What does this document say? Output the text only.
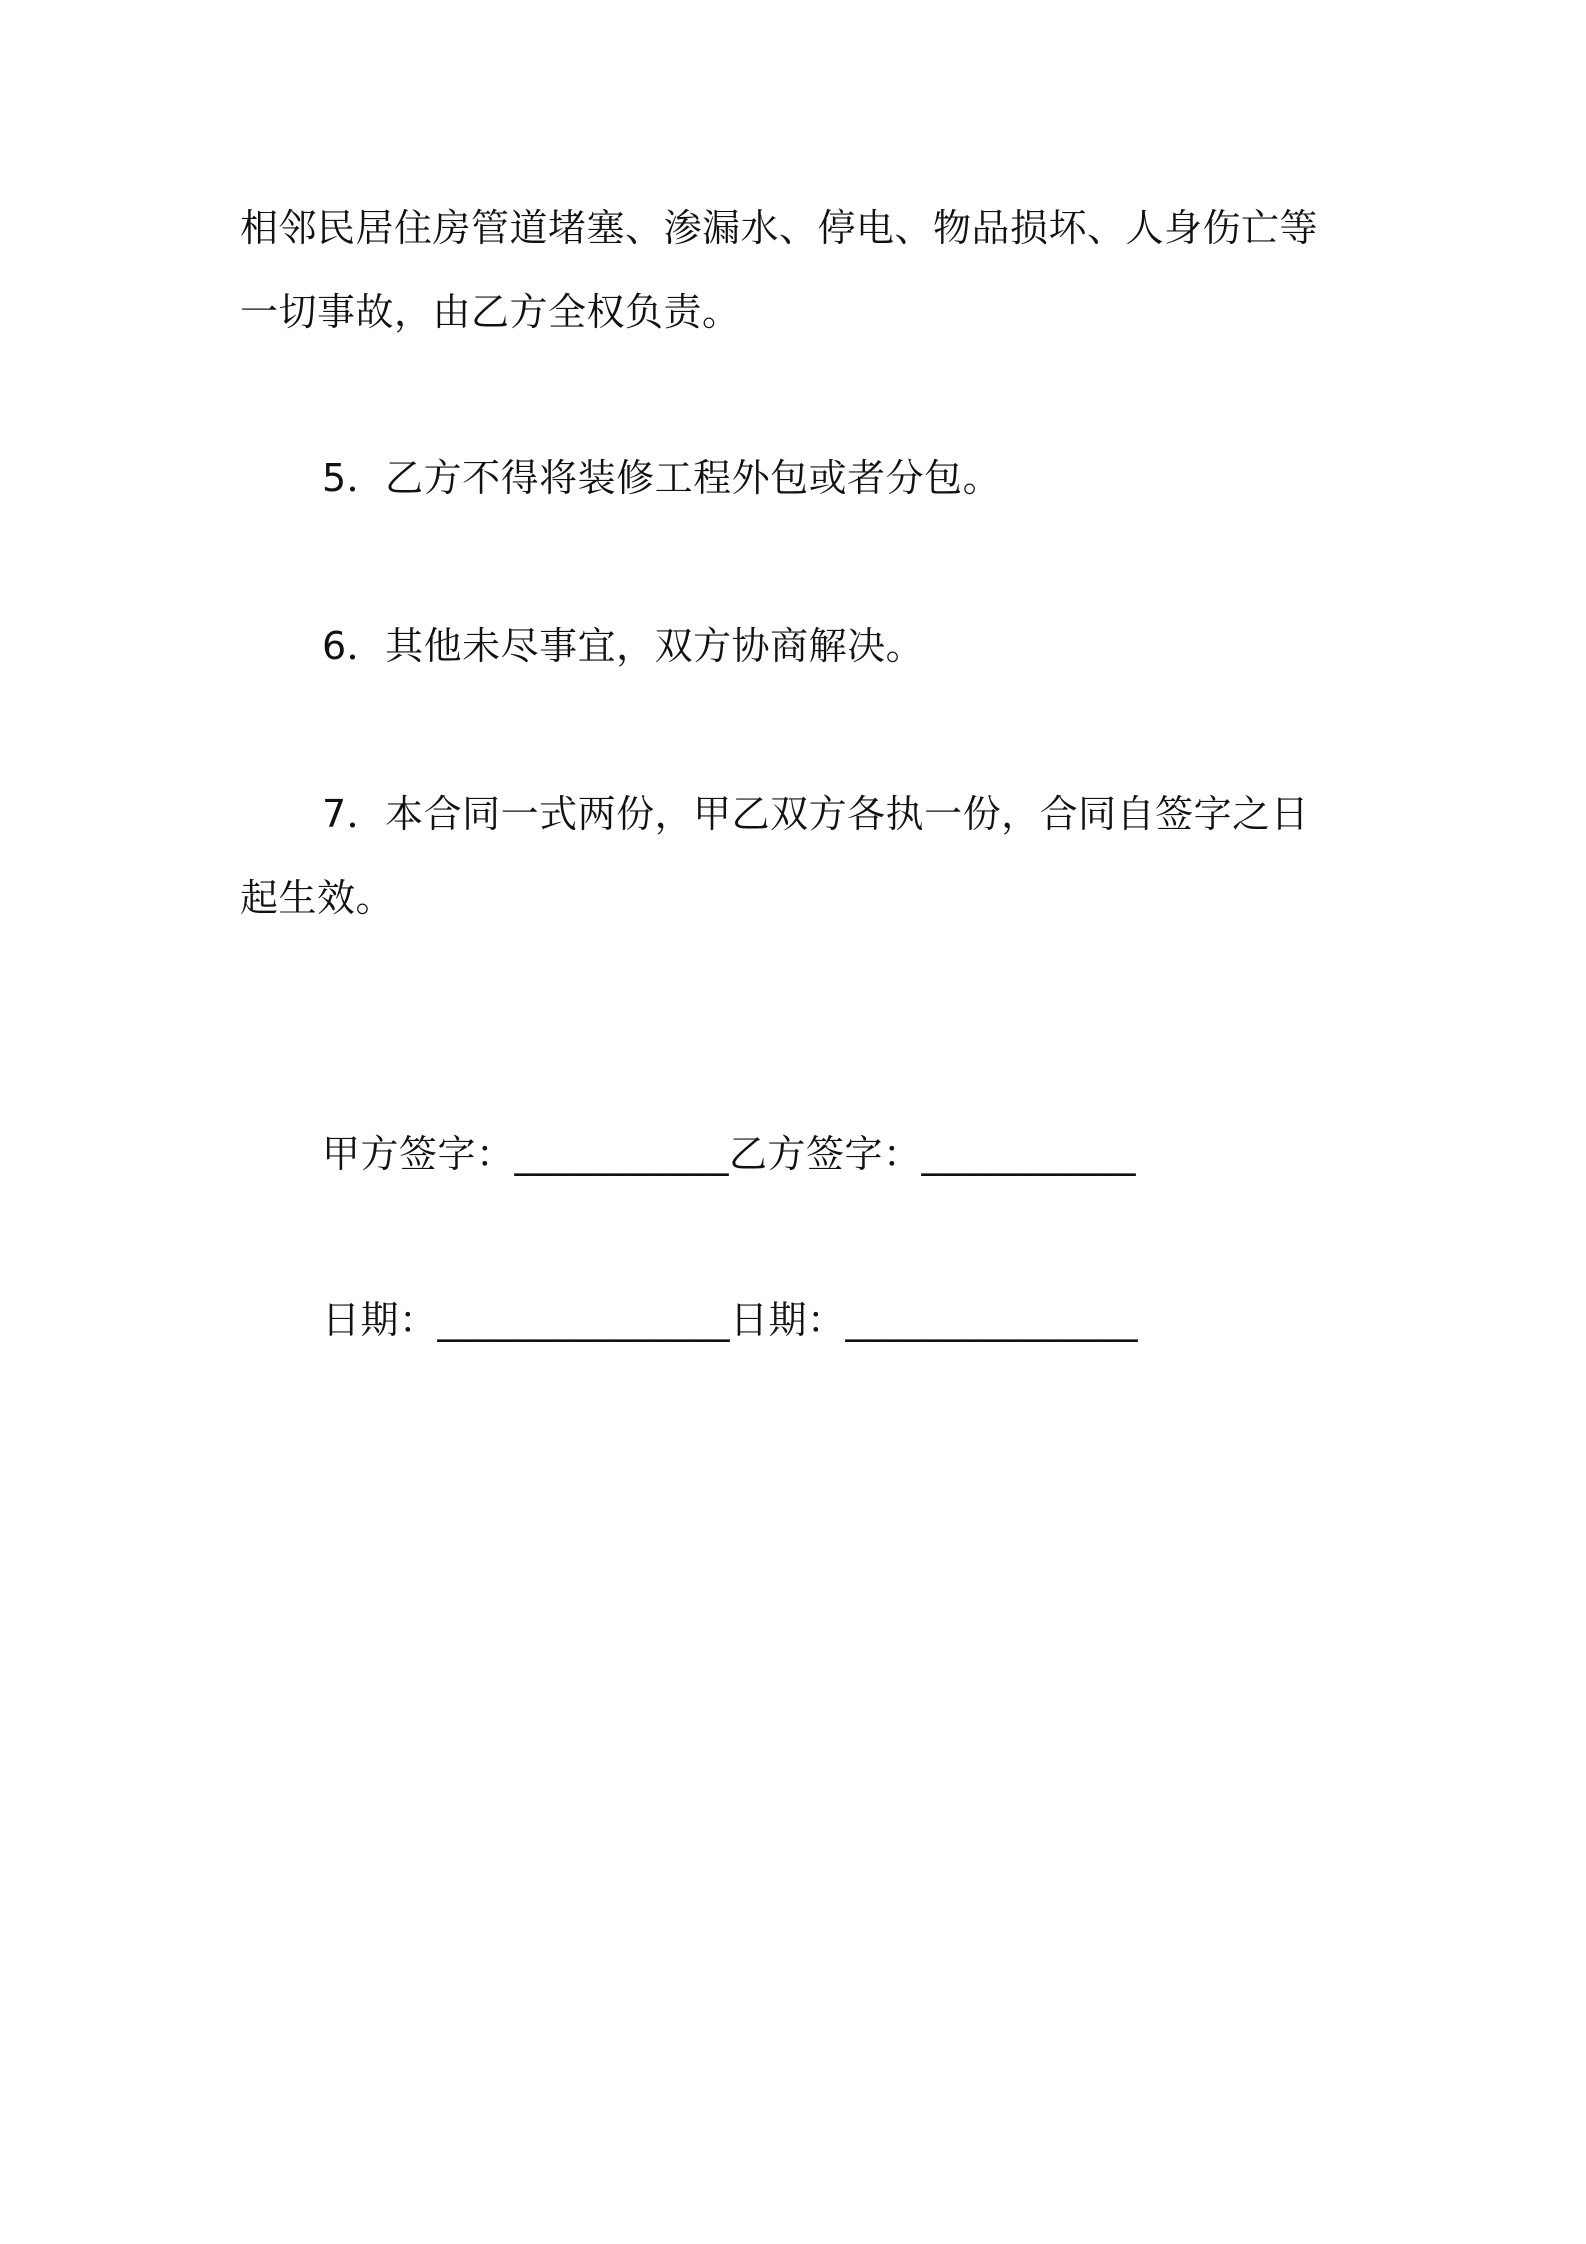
相邻民居住房管道堵塞、渗漏水、停电、物品损坏、人身伤亡等
一切事故，由乙方全权负责。
5．乙方不得将装修工程外包或者分包。
6．其他未尽事宜，双方协商解决。
7．本合同一式两份，甲乙双方各执一份，合同自签字之日
起生效。
甲方签字：___________乙方签字：___________
日期：_______________日期：_______________
